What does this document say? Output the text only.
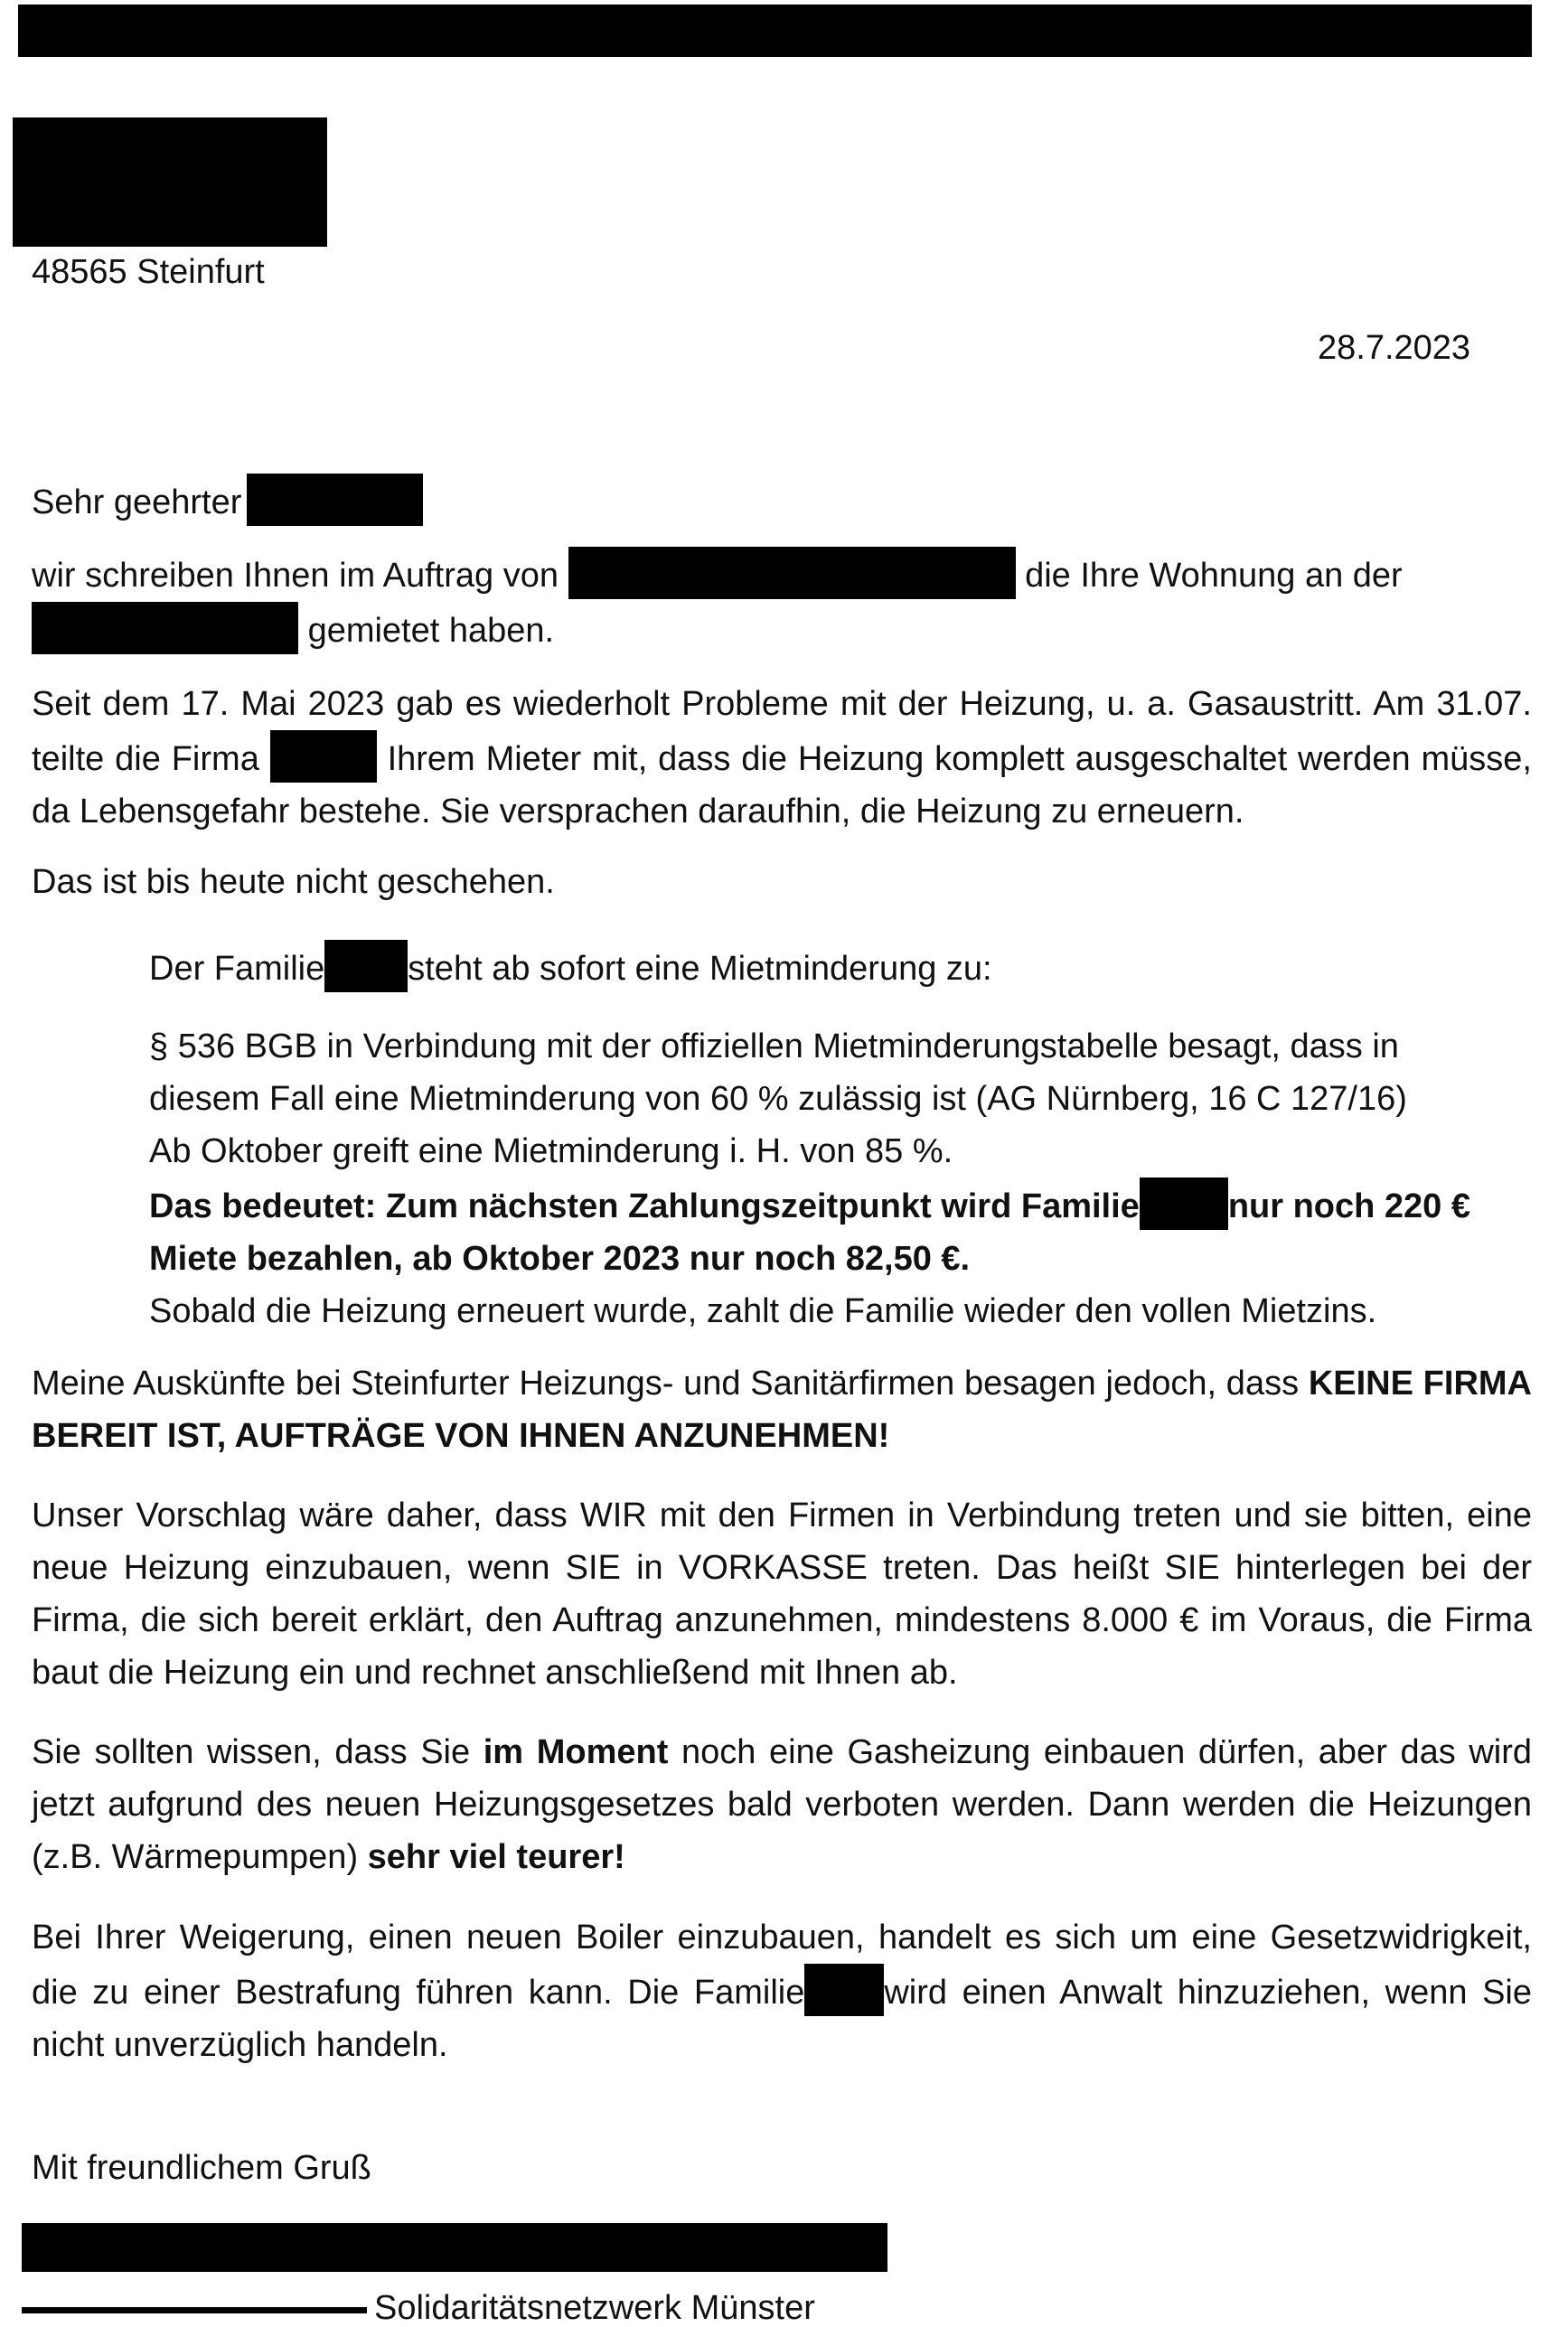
48565 Steinfurt
28.7.2023
Sehr geehrter
wir schreiben Ihnen im Auftrag von	die Ihre Wohnung an der
gemietet haben.
Seit dem 17. Mai 2023 gab es wiederholt Probleme mit der Heizung, u. a. Gasaustritt. Am 31.07. teilte die Firma	Ihrem Mieter mit, dass die Heizung komplett ausgeschaltet werden müsse, da Lebensgefahr bestehe. Sie versprachen daraufhin, die Heizung zu erneuern.
Das ist bis heute nicht geschehen.
Der Familie steht ab sofort eine Mietminderung zu:
§ 536 BGB in Verbindung mit der offiziellen Mietminderungstabelle besagt, dass in
diesem Fall eine Mietminderung von 60 % zulässig ist (AG Nürnberg, 16 C 127/16)
Ab Oktober greift eine Mietminderung i. H. von 85 %.
Das bedeutet: Zum nächsten Zahlungszeitpunkt wird Familie	nur noch 220 €
Miete bezahlen, ab Oktober 2023 nur noch 82,50 €.
Sobald die Heizung erneuert wurde, zahlt die Familie wieder den vollen Mietzins.
Meine Auskünfte bei Steinfurter Heizungs- und Sanitärfirmen besagen jedoch, dass KEINE FIRMA BEREIT IST, AUFTRÄGE VON IHNEN ANZUNEHMEN!
Unser Vorschlag wäre daher, dass WIR mit den Firmen in Verbindung treten und sie bitten, eine neue Heizung einzubauen, wenn SIE in VORKASSE treten. Das heißt SIE hinterlegen bei der Firma, die sich bereit erklärt, den Auftrag anzunehmen, mindestens 8.000 € im Voraus, die Firma baut die Heizung ein und rechnet anschließend mit Ihnen ab.
Sie sollten wissen, dass Sie im Moment noch eine Gasheizung einbauen dürfen, aber das wird jetzt aufgrund des neuen Heizungsgesetzes bald verboten werden. Dann werden die Heizungen (z.B. Wärmepumpen) sehr viel teurer!
Bei Ihrer Weigerung, einen neuen Boiler einzubauen, handelt es sich um eine Gesetzwidrigkeit, die zu einer Bestrafung führen kann. Die Familie wird einen Anwalt hinzuziehen, wenn Sie nicht unverzüglich handeln.
Mit freundlichem Gruß
Solidaritätsnetzwerk Münster
